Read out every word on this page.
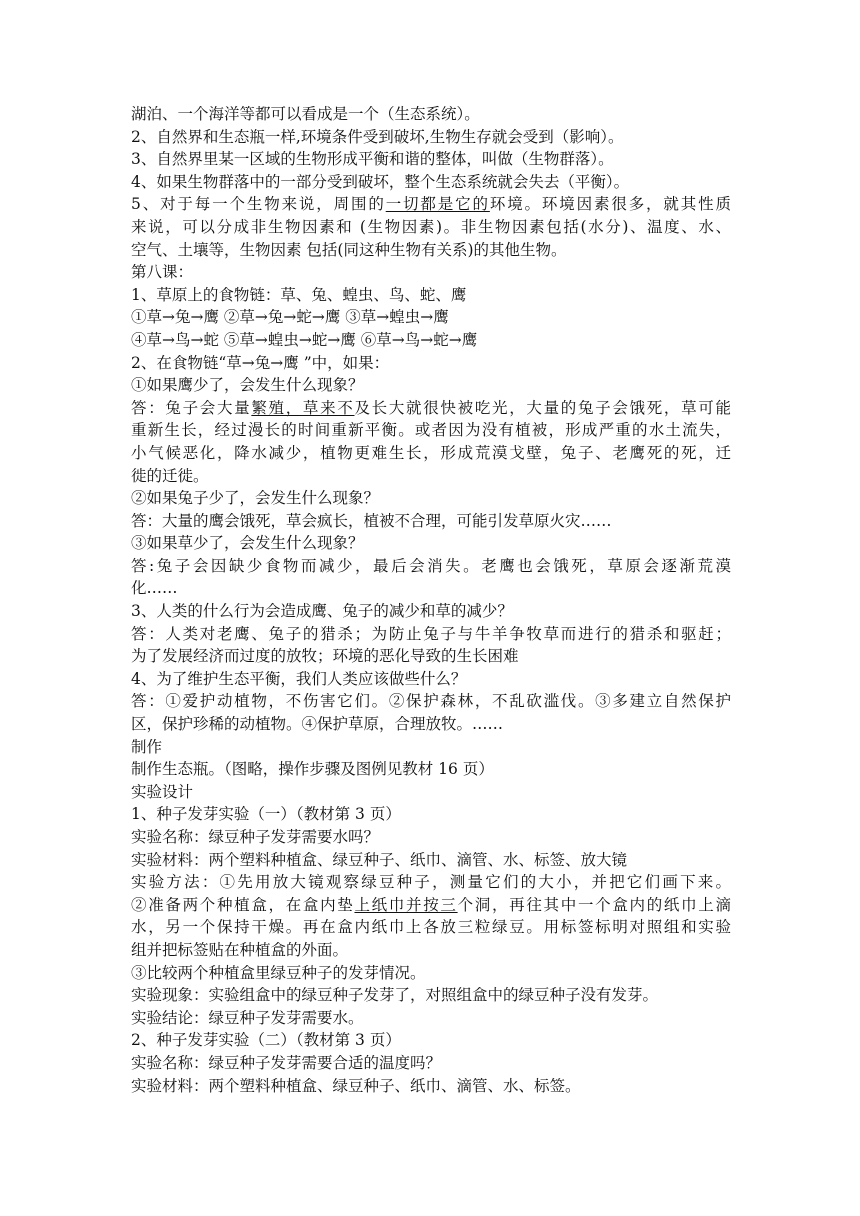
湖泊、一个海洋等都可以看成是一个（生态系统）。
2、自然界和生态瓶一样,环境条件受到破坏,生物生存就会受到（影响）。
3、自然界里某一区域的生物形成平衡和谐的整体，叫做（生物群落）。
4、如果生物群落中的一部分受到破坏，整个生态系统就会失去（平衡）。
5、对于每一个生物来说，周围的一切都是它的环境。环境因素很多，就其性质
来说，可以分成非生物因素和 (生物因素)。非生物因素包括(水分)、温度、水、
空气、土壤等，生物因素 包括(同这种生物有关系)的其他生物。
第八课：
1、草原上的食物链：草、兔、蝗虫、鸟、蛇、鹰
①草→兔→鹰 ②草→兔→蛇→鹰 ③草→蝗虫→鹰
④草→鸟→蛇 ⑤草→蝗虫→蛇→鹰 ⑥草→鸟→蛇→鹰
2、在食物链“草→兔→鹰 ”中，如果：
①如果鹰少了，会发生什么现象？
答：兔子会大量繁殖，草来不及长大就很快被吃光，大量的兔子会饿死，草可能
重新生长，经过漫长的时间重新平衡。或者因为没有植被，形成严重的水土流失，
小气候恶化，降水减少，植物更难生长，形成荒漠戈壁，兔子、老鹰死的死，迁
徙的迁徙。
②如果兔子少了，会发生什么现象？
答：大量的鹰会饿死，草会疯长，植被不合理，可能引发草原火灾……
③如果草少了，会发生什么现象？
答:兔子会因缺少食物而减少，最后会消失。老鹰也会饿死，草原会逐渐荒漠
化……
3、人类的什么行为会造成鹰、兔子的减少和草的减少？
答：人类对老鹰、兔子的猎杀；为防止兔子与牛羊争牧草而进行的猎杀和驱赶；
为了发展经济而过度的放牧；环境的恶化导致的生长困难
4、为了维护生态平衡，我们人类应该做些什么？
答：①爱护动植物，不伤害它们。②保护森林，不乱砍滥伐。③多建立自然保护
区，保护珍稀的动植物。④保护草原，合理放牧。……
制作
制作生态瓶。（图略，操作步骤及图例见教材 16 页）
实验设计
1、种子发芽实验（一）（教材第 3 页）
实验名称：绿豆种子发芽需要水吗？
实验材料：两个塑料种植盒、绿豆种子、纸巾、滴管、水、标签、放大镜
实验方法：①先用放大镜观察绿豆种子，测量它们的大小，并把它们画下来。
②准备两个种植盒，在盒内垫上纸巾并按三个洞，再往其中一个盒内的纸巾上滴
水，另一个保持干燥。再在盒内纸巾上各放三粒绿豆。用标签标明对照组和实验
组并把标签贴在种植盒的外面。
③比较两个种植盒里绿豆种子的发芽情况。
实验现象：实验组盒中的绿豆种子发芽了，对照组盒中的绿豆种子没有发芽。
实验结论：绿豆种子发芽需要水。
2、种子发芽实验（二）（教材第 3 页）
实验名称：绿豆种子发芽需要合适的温度吗？
实验材料：两个塑料种植盒、绿豆种子、纸巾、滴管、水、标签。
